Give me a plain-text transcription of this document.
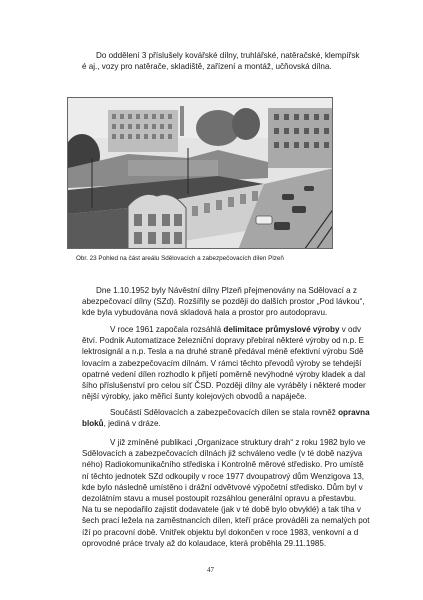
Do oddělení 3 příslušely kovářské dílny, truhlářské, natěračské, klempířsk
é aj., vozy pro natěrače, skladiště, zařízení a montáž, učňovská dílna.

Obr. 23 Pohled na část areálu Sdělovacích a zabezpečovacích dílen Plzeň

Dne 1.10.1952 byly Návěstní dílny Plzeň přejmenovány na Sdělovací a z
abezpečovací dílny (SZd). Rozšířily se později do dalších prostor „Pod lávkou“,
kde byla vybudována nová skladová hala a prostor pro autodopravu.

V roce 1961 započala rozsáhlá delimitace průmyslové výroby v odv
ětví. Podnik Automatizace železniční dopravy přebíral některé výroby od n.p. E
lektrosignál a n.p. Tesla a na druhé straně předával méně efektivní výrobu Sdě
lovacím a zabezpečovacím dílnám. V rámci těchto převodů výroby se tehdejší
opatrné vedení dílen rozhodlo k přijetí poměrně nevýhodné výroby kladek a dal
šího příslušenství pro celou síť ČSD. Později dílny ale vyráběly i některé moder
nější výrobky, jako měřicí šunty kolejových obvodů a napáječe.

Součástí Sdělovacích a zabezpečovacích dílen se stala rovněž opravna
bloků, jediná v dráze.

V již zmíněné publikaci „Organizace struktury drah“ z roku 1982 bylo ve
Sdělovacích a zabezpečovacích dílnách již schváleno vedle (v té době nazýva
ného) Radiokomunikačního střediska i Kontrolně měrové středisko. Pro umístě
ní těchto jednotek SZd odkoupily v roce 1977 dvoupatrový dům Wenzigova 13,
kde bylo následně umístěno i drážní odvětvové výpočetní středisko. Dům byl v
dezolátním stavu a musel postoupit rozsáhlou generální opravu a přestavbu.
Na tu se nepodařilo zajistit dodavatele (jak v té době bylo obvyklé) a tak tíha v
šech prací ležela na zaměstnancích dílen, kteří práce prováděli za nemalých pot
íží po pracovní době. Vnitřek objektu byl dokončen v roce 1983, venkovní a d
oprovodné práce trvaly až do kolaudace, která proběhla 29.11.1985.

47
